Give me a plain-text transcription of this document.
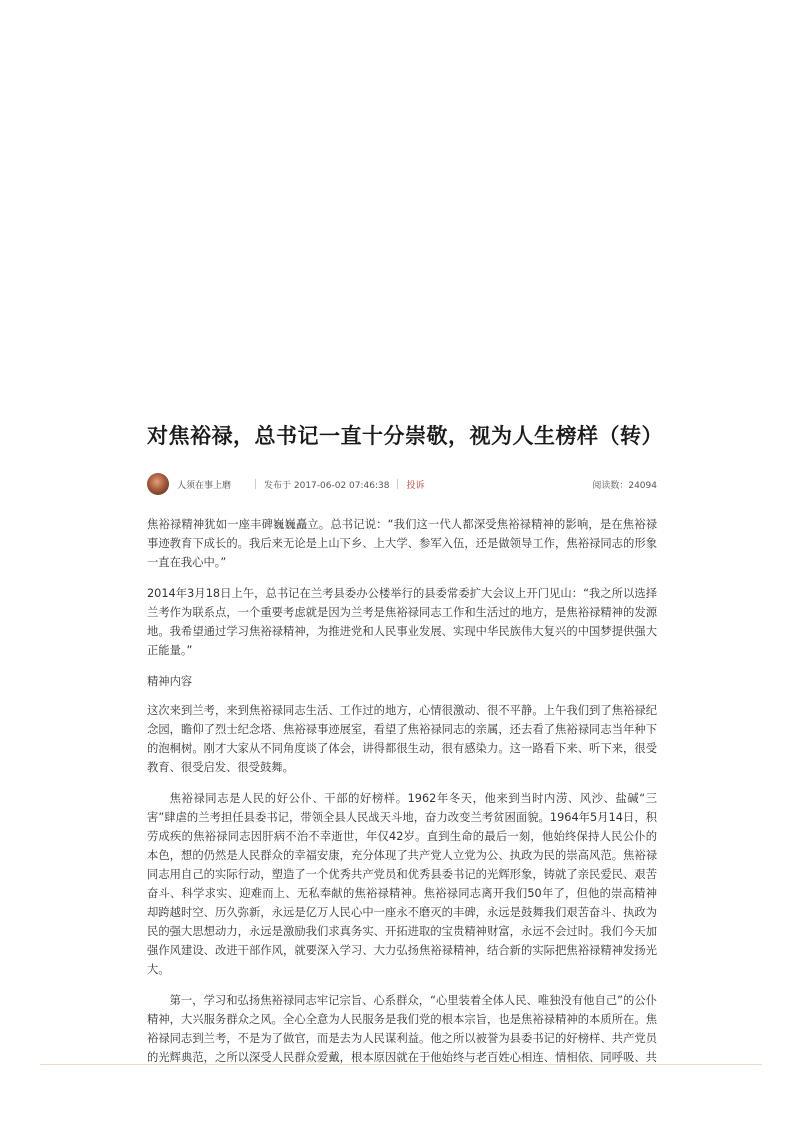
对焦裕禄，总书记一直十分崇敬，视为人生榜样（转）
人须在事上磨	发布于 2017-06-02 07:46:38 投诉	阅读数：24094

焦裕禄精神犹如一座丰碑巍巍矗立。总书记说：“我们这一代人都深受焦裕禄精神的影响，是在焦裕禄事迹教育下成长的。我后来无论是上山下乡、上大学、参军入伍，还是做领导工作，焦裕禄同志的形象一直在我心中。”

2014年3月18日上午，总书记在兰考县委办公楼举行的县委常委扩大会议上开门见山：“我之所以选择兰考作为联系点，一个重要考虑就是因为兰考是焦裕禄同志工作和生活过的地方，是焦裕禄精神的发源地。我希望通过学习焦裕禄精神，为推进党和人民事业发展、实现中华民族伟大复兴的中国梦提供强大正能量。”

精神内容

这次来到兰考，来到焦裕禄同志生活、工作过的地方，心情很激动、很不平静。上午我们到了焦裕禄纪念园，瞻仰了烈士纪念塔、焦裕禄事迹展室，看望了焦裕禄同志的亲属，还去看了焦裕禄同志当年种下的泡桐树。刚才大家从不同角度谈了体会，讲得都很生动，很有感染力。这一路看下来、听下来，很受教育、很受启发、很受鼓舞。

焦裕禄同志是人民的好公仆、干部的好榜样。1962年冬天，他来到当时内涝、风沙、盐碱“三害”肆虐的兰考担任县委书记，带领全县人民战天斗地，奋力改变兰考贫困面貌。1964年5月14日，积劳成疾的焦裕禄同志因肝病不治不幸逝世，年仅42岁。直到生命的最后一刻，他始终保持人民公仆的本色，想的仍然是人民群众的幸福安康，充分体现了共产党人立党为公、执政为民的崇高风范。焦裕禄同志用自己的实际行动，塑造了一个优秀共产党员和优秀县委书记的光辉形象，铸就了亲民爱民、艰苦奋斗、科学求实、迎难而上、无私奉献的焦裕禄精神。焦裕禄同志离开我们50年了，但他的崇高精神却跨越时空、历久弥新，永远是亿万人民心中一座永不磨灭的丰碑，永远是鼓舞我们艰苦奋斗、执政为民的强大思想动力，永远是激励我们求真务实、开拓进取的宝贵精神财富，永远不会过时。我们今天加强作风建设、改进干部作风，就要深入学习、大力弘扬焦裕禄精神，结合新的实际把焦裕禄精神发扬光大。

第一，学习和弘扬焦裕禄同志牢记宗旨、心系群众，“心里装着全体人民、唯独没有他自己”的公仆精神，大兴服务群众之风。全心全意为人民服务是我们党的根本宗旨，也是焦裕禄精神的本质所在。焦裕禄同志到兰考，不是为了做官，而是去为人民谋利益。他之所以被誉为县委书记的好榜样、共产党员的光辉典范，之所以深受人民群众爱戴，根本原因就在于他始终与老百姓心相连、情相依、同呼吸、共
